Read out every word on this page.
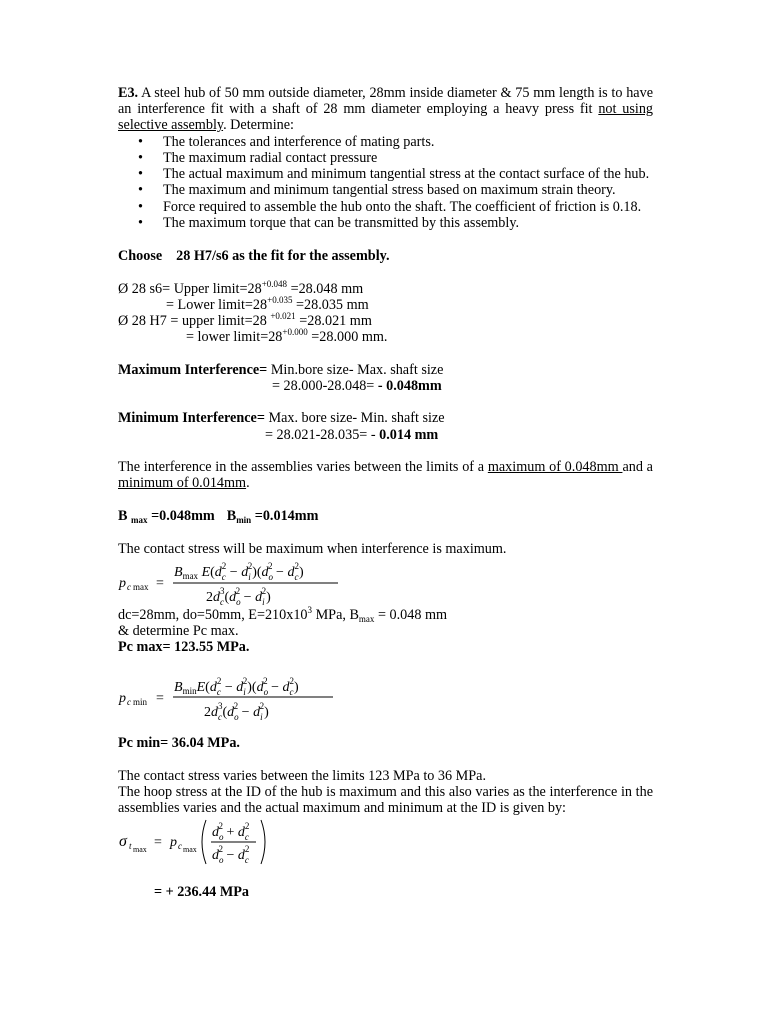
E3. A steel hub of 50 mm outside diameter, 28mm inside diameter & 75 mm length is to have an interference fit with a shaft of 28 mm diameter employing a heavy press fit not using selective assembly. Determine:
• The tolerances and interference of mating parts.
• The maximum radial contact pressure
• The actual maximum and minimum tangential stress at the contact surface of the hub.
• The maximum and minimum tangential stress based on maximum strain theory.
• Force required to assemble the hub onto the shaft. The coefficient of friction is 0.18.
• The maximum torque that can be transmitted by this assembly.
Choose 28 H7/s6 as the fit for the assembly.
Ø 28 s6= Upper $limit=28^{+0.048} =28.048$ mm
= Lower $limit=28^{+0.035} =28.035$ mm
Ø 28 H7 = upper limit=28 $^{+0.021}$ =28.021 mm
= lower $limit=28^{+0.000} =28.000$ mm.
Maximum Interference= Min.bore size- Max. shaft size
= 28.000-28.048= - 0.048mm
Minimum Interference= Max. bore size- Min. shaft size
= 28.021-28.035= - 0.014 mm
The interference in the assemblies varies between the limits of a maximum of 0.048mm and a minimum of 0.014mm.
B $_{max}$ =0.048mm $B_{min} =0.014mm$
The contact stress will be maximum when interference is maximum.
p c max =
$B_{max}$ $E(d_c2 - d_i2)(d_o2 - d_c2)$
$2d_c3(d_o2 - d_i2)$
dc=28mm, do=50mm, $E=210x10^3$ MPa, $B_{max} = 0.048$ mm
& determine Pc max.
Pc max= 123.55 MPa.
p c min =
$B_{min}E(d_c2 - d_i2)(d_o2 - d_c2)$
$2d_c3(d_o2 - d_i2)$
Pc min= 36.04 MPa.
The contact stress varies between the limits 123 MPa to 36 MPa.
The hoop stress at the ID of the hub is maximum and this also varies as the interference in the assemblies varies and the actual maximum and minimum at the ID is given by:
σ t max = p c max
$d_o2 + d_c2$
$d_o2 - d_c2$
= + 236.44 MPa
